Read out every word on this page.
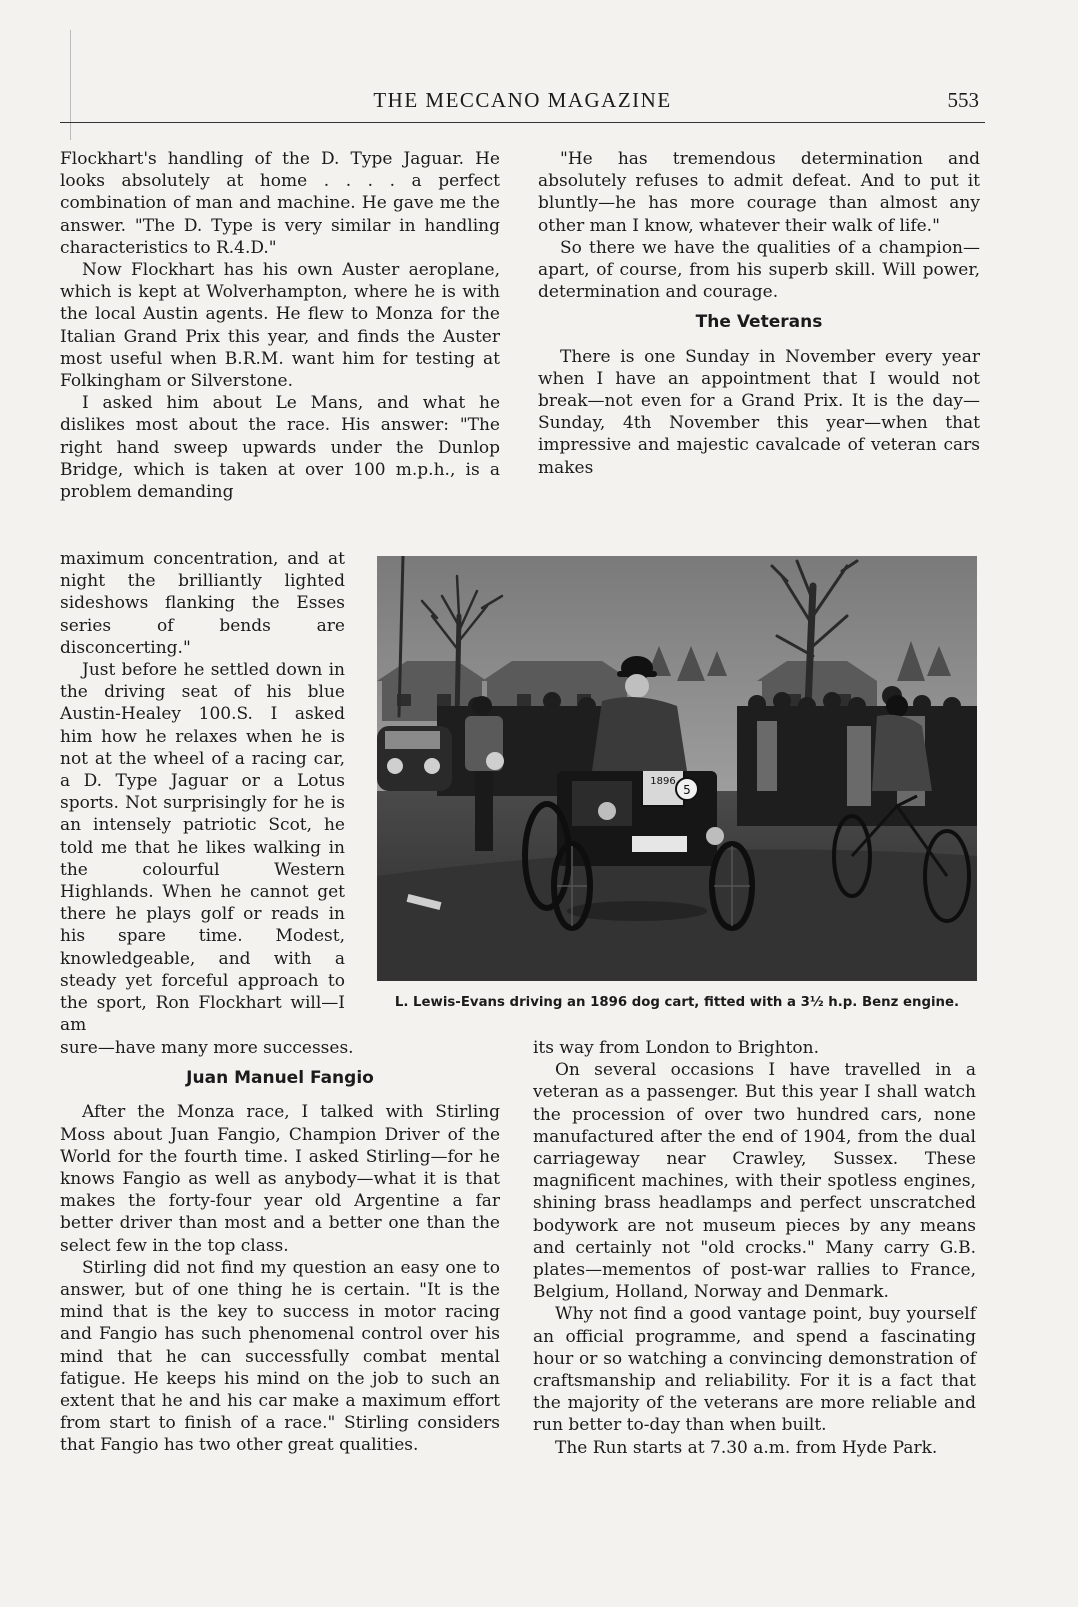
THE MECCANO MAGAZINE	553

Flockhart's handling of the D. Type Jaguar. He looks absolutely at home . . . . a perfect combination of man and machine. He gave me the answer. "The D. Type is very similar in handling characteristics to R.4.D."

Now Flockhart has his own Auster aeroplane, which is kept at Wolverhampton, where he is with the local Austin agents. He flew to Monza for the Italian Grand Prix this year, and finds the Auster most useful when B.R.M. want him for testing at Folkingham or Silverstone.

I asked him about Le Mans, and what he dislikes most about the race. His answer: "The right hand sweep upwards under the Dunlop Bridge, which is taken at over 100 m.p.h., is a problem demanding

maximum concentration, and at night the brilliantly lighted sideshows flanking the Esses series of bends are disconcerting."

Just before he settled down in the driving seat of his blue Austin-Healey 100.S. I asked him how he relaxes when he is not at the wheel of a racing car, a D. Type Jaguar or a Lotus sports. Not surprisingly for he is an intensely patriotic Scot, he told me that he likes walking in the colourful Western Highlands. When he cannot get there he plays golf or reads in his spare time. Modest, knowledgeable, and with a steady yet forceful approach to the sport, Ron Flockhart will—I am

sure—have many more successes.

Juan Manuel Fangio

After the Monza race, I talked with Stirling Moss about Juan Fangio, Champion Driver of the World for the fourth time. I asked Stirling—for he knows Fangio as well as anybody—what it is that makes the forty-four year old Argentine a far better driver than most and a better one than the select few in the top class.

Stirling did not find my question an easy one to answer, but of one thing he is certain. "It is the mind that is the key to success in motor racing and Fangio has such phenomenal control over his mind that he can successfully combat mental fatigue. He keeps his mind on the job to such an extent that he and his car make a maximum effort from start to finish of a race." Stirling considers that Fangio has two other great qualities.

"He has tremendous determination and absolutely refuses to admit defeat. And to put it bluntly—he has more courage than almost any other man I know, whatever their walk of life."

So there we have the qualities of a champion—apart, of course, from his superb skill. Will power, determination and courage.

The Veterans

There is one Sunday in November every year when I have an appointment that I would not break—not even for a Grand Prix. It is the day—Sunday, 4th November this year—when that impressive and majestic cavalcade of veteran cars makes

its way from London to Brighton.

On several occasions I have travelled in a veteran as a passenger. But this year I shall watch the procession of over two hundred cars, none manufactured after the end of 1904, from the dual carriageway near Crawley, Sussex. These magnificent machines, with their spotless engines, shining brass headlamps and perfect unscratched bodywork are not museum pieces by any means and certainly not "old crocks." Many carry G.B. plates—mementos of post-war rallies to France, Belgium, Holland, Norway and Denmark.

Why not find a good vantage point, buy yourself an official programme, and spend a fascinating hour or so watching a convincing demonstration of craftsmanship and reliability. For it is a fact that the majority of the veterans are more reliable and run better to-day than when built.

The Run starts at 7.30 a.m. from Hyde Park.

1896
5
L. Lewis-Evans driving an 1896 dog cart, fitted with a 3½ h.p. Benz engine.
